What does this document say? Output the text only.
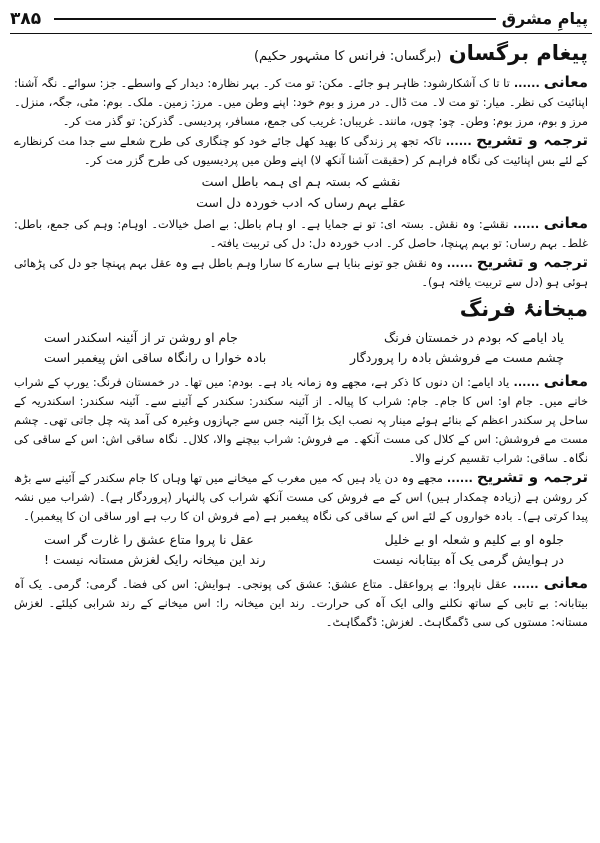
۳۸۵	پیامِ مشرق
پیغام برگسان (برگساں: فرانس کا مشہور حکیم)

معانی ...... تا تا ک آشکارشود: ظاہر ہو جائے۔ مکن: تو مت کر۔ بہر نظارہ: دیدار کے واسطے۔ جز: سوائے۔ نگہ آشنا: اپنائیت کی نظر۔ میار: تو مت لا۔ مت ڈال۔ در مرز و بوم خود: اپنے وطن میں۔ مرز: زمین۔ ملک۔ بوم: مٹی، جگہ، منزل۔ مرز و بوم، مرز بوم: وطن۔ چو: چوں، مانند۔ غریباں: غریب کی جمع، مسافر، پردیسی۔ گذرکن: تو گذر مت کر۔

ترجمہ و تشریح ...... تاکہ تجھ پر زندگی کا بھید کھل جائے خود کو چنگاری کی طرح شعلے سے جدا مت کرنظارے کے لئے بس اپنائیت کی نگاہ فراہم کر (حقیقت آشنا آنکھ لا) اپنے وطن میں پردیسیوں کی طرح گزر مت کر۔

نقشے کہ بستہ ہم ای ہمہ باطل است

عقلے بہم رساں کہ ادب خوردہ دل است

معانی ...... نقشے: وہ نقش۔ بستہ ای: تو نے جمایا ہے۔ او ہام باطل: بے اصل خیالات۔ اوہام: وہم کی جمع، باطل: غلط۔ بہم رساں: تو بہم پہنچا، حاصل کر۔ ادب خوردہ دل: دل کی تربیت یافتہ۔

ترجمہ و تشریح ...... وہ نقش جو تونے بنایا ہے سارے کا سارا وہم باطل ہے وہ عقل بہم پہنچا جو دل کی پڑھائی ہوئی ہو (دل سے تربیت یافتہ ہو)۔

میخانۂ فرنگ
یاد ایامے کہ بودم در خمستان فرنگ
جام او روشن تر از آئینہ اسکندر است
چشم مست مے فروشش بادہ را پروردگار
بادہ خوارا ں رانگاہ ساقی اش پیغمبر است

معانی ...... یاد ایامے: ان دنوں کا ذکر ہے، مجھے وہ زمانہ یاد ہے۔ بودم: میں تھا۔ در خمستان فرنگ: یورپ کے شراب خانے میں۔ جام او: اس کا جام۔ جام: شراب کا پیالہ۔ از آئینہ سکندر: سکندر کے آئینے سے۔ آئینہ سکندر: اسکندریہ کے ساحل پر سکندر اعظم کے بنائے ہوئے مینار پہ نصب ایک بڑا آئینہ جس سے جہازوں وغیرہ کی آمد پتہ چل جاتی تھی۔ چشم مست مے فروشش: اس کے کلال کی مست آنکھ۔ مے فروش: شراب بیچنے والا، کلال۔ نگاہ ساقی اش: اس کے ساقی کی نگاہ۔ ساقی: شراب تقسیم کرنے والا۔

ترجمہ و تشریح ...... مجھے وہ دن یاد ہیں کہ میں مغرب کے میخانے میں تھا وہاں کا جام سکندر کے آئینے سے بڑھ کر روشن ہے (زیادہ چمکدار ہیں) اس کے مے فروش کی مست آنکھ شراب کی پالنہار (پروردگار ہے)۔ (شراب میں نشہ پیدا کرتی ہے)۔ بادہ خواروں کے لئے اس کے ساقی کی نگاہ پیغمبر ہے (مے فروش ان کا رب ہے اور ساقی ان کا پیغمبر)۔

جلوہ او بے کلیم و شعلہ او بے خلیل
عقل نا پروا متاع عشق را غارت گر است
در ہوایش گرمی یک آہ بیتابانہ نیست
رند این میخانہ رایک لغزش مستانہ نیست !

معانی ...... عقل ناپروا: بے پرواعقل۔ متاع عشق: عشق کی پونجی۔ ہوایش: اس کی فضا۔ گرمی: گرمی۔ یک آہ بیتابانہ: بے تابی کے ساتھ نکلنے والی ایک آہ کی حرارت۔ رند این میخانہ را: اس میخانے کے رند شرابی کیلئے۔ لغزش مستانہ: مستوں کی سی ڈگمگاہٹ۔ لغزش: ڈگمگاہٹ۔
